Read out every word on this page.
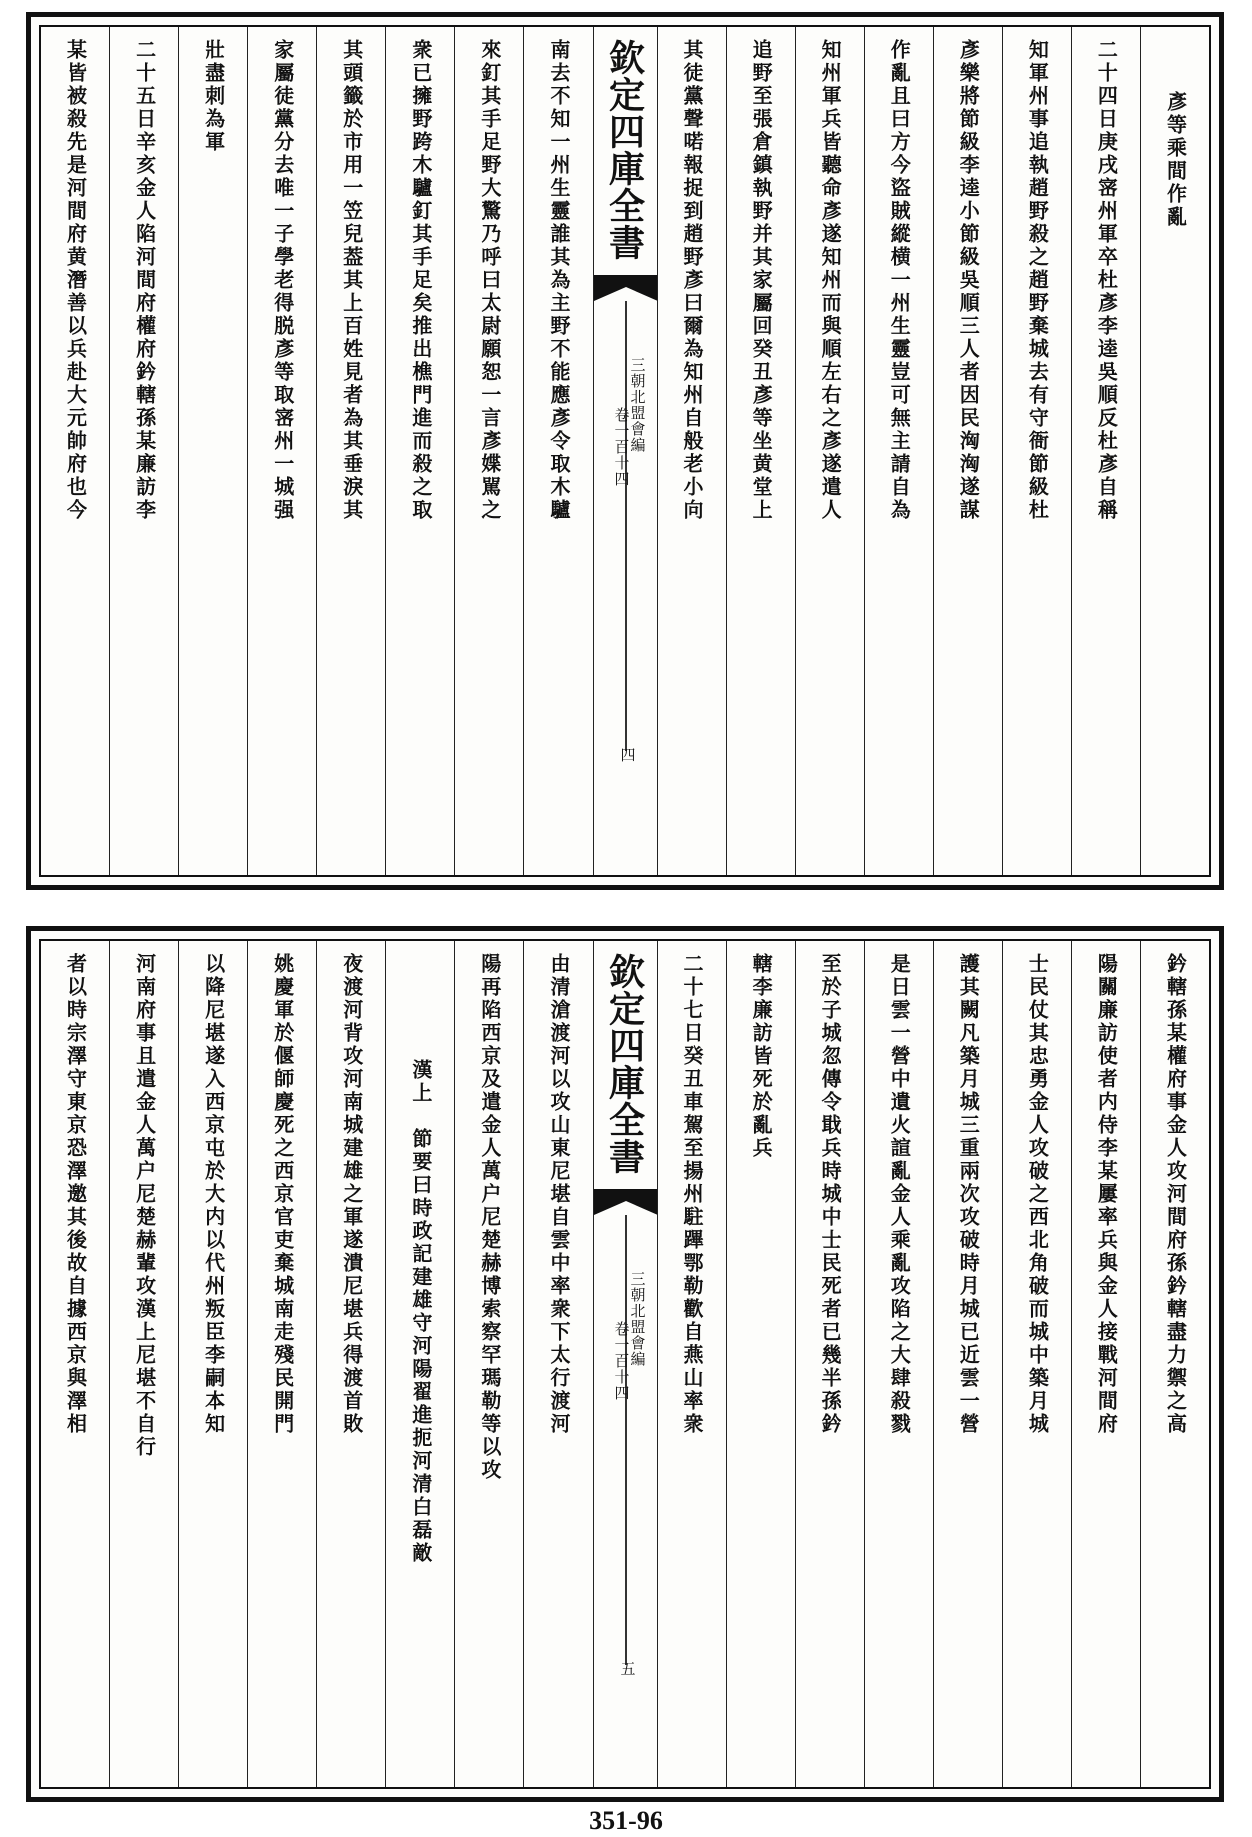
彥等乘間作亂
二十四日庚戌宻州軍卒杜彥李逵吳順反杜彥自稱
知軍州事追執趙野殺之趙野棄城去有守衙節級杜
彥樂將節級李逵小節級吳順三人者因民洶洶遂謀
作亂且曰方今盜賊縱横一州生靈豈可無主請自為
知州軍兵皆聽命彥遂知州而與順左右之彥遂遣人
追野至張倉鎮執野并其家屬回癸丑彥等坐黄堂上
其徒黨聲喏報捉到趙野彥曰爾為知州自般老小向
欽定四庫全書
三朝北盟會編
卷一百十四
四
南去不知一州生靈誰其為主野不能應彥令取木驢
來釘其手足野大驚乃呼曰太尉願恕一言彥媟駡之
衆已擁野跨木驢釘其手足矣推出樵門進而殺之取
其頭籤於市用一笠兒葢其上百姓見者為其垂淚其
家屬徒黨分去唯一子學老得脱彥等取宻州一城强
壯盡刺為軍
二十五日辛亥金人陷河間府權府鈐轄孫某廉訪李
某皆被殺先是河間府黄潛善以兵赴大元帥府也今
鈐轄孫某權府事金人攻河間府孫鈐轄盡力禦之高
陽關廉訪使者内侍李某屢率兵與金人接戰河間府
士民仗其忠勇金人攻破之西北角破而城中築月城
護其闕凡築月城三重兩次攻破時月城已近雲一營
是日雲一營中遺火諠亂金人乘亂攻陷之大肆殺戮
至於子城忽傳令戢兵時城中士民死者已幾半孫鈐
轄李廉訪皆死於亂兵
二十七日癸丑車駕至揚州駐蹕鄂勒歡自燕山率衆
欽定四庫全書
三朝北盟會編
卷一百十四
五
由清滄渡河以攻山東尼堪自雲中率衆下太行渡河
陽再陷西京及遣金人萬户尼楚赫博索察罕瑪勒等以攻
漢上　節要曰時政記建雄守河陽翟進扼河清白磊敵
夜渡河背攻河南城建雄之軍遂潰尼堪兵得渡首敗
姚慶軍於偃師慶死之西京官吏棄城南走殘民開門
以降尼堪遂入西京屯於大内以代州叛臣李嗣本知
河南府事且遣金人萬户尼楚赫輩攻漢上尼堪不自行
者以時宗澤守東京恐澤邀其後故自據西京與澤相
351-96
